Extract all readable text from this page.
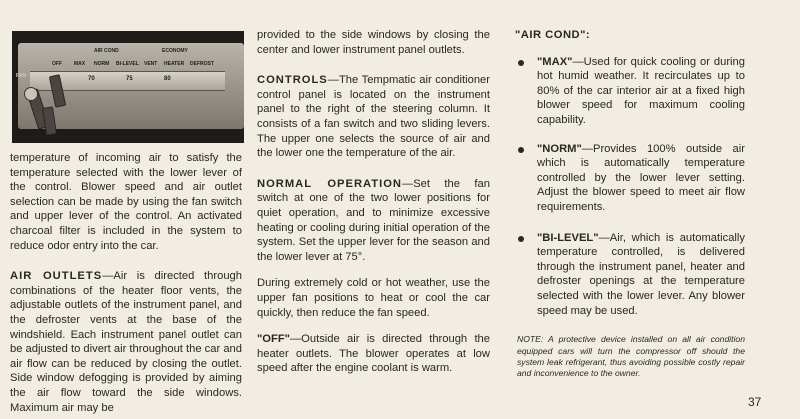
AIR COND	ECONOMY
OFF MAX NORM BI-LEVEL VENT HEATER DEFROST
FAN	70	75	80

temperature of incoming air to satisfy the temperature selected with the lower lever of the control. Blower speed and air outlet selection can be made by using the fan switch and upper lever of the control. An activated charcoal filter is included in the system to reduce odor entry into the car.

AIR OUTLETS—Air is directed through combinations of the heater floor vents, the adjustable outlets of the instrument panel, and the defroster vents at the base of the windshield. Each instrument panel outlet can be adjusted to divert air throughout the car and air flow can be reduced by closing the outlet. Side window defogging is provided by aiming the air flow toward the side windows. Maximum air may be

provided to the side windows by closing the center and lower instrument panel outlets.

CONTROLS—The Tempmatic air conditioner control panel is located on the instrument panel to the right of the steering column. It consists of a fan switch and two sliding levers. The upper one selects the source of air and the lower one the temperature of the air.

NORMAL OPERATION—Set the fan switch at one of the two lower positions for quiet operation, and to minimize excessive heating or cooling during initial operation of the system. Set the upper lever for the season and the lower lever at 75°.

During extremely cold or hot weather, use the upper fan positions to heat or cool the car quickly, then reduce the fan speed.

"OFF"—Outside air is directed through the heater outlets. The blower operates at low speed after the engine coolant is warm.

"AIR COND":

"MAX"—Used for quick cooling or during hot humid weather. It recirculates up to 80% of the car interior air at a fixed high blower speed for maximum cooling capability.

"NORM"—Provides 100% outside air which is automatically temperature controlled by the lower lever setting. Adjust the blower speed to meet air flow requirements.

"BI-LEVEL"—Air, which is automatically temperature controlled, is delivered through the instrument panel, heater and defroster openings at the temperature selected with the lower lever. Any blower speed may be used.

NOTE: A protective device installed on all air condition equipped cars will turn the compressor off should the system leak refrigerant, thus avoiding possible costly repair and inconvenience to the owner.

37
